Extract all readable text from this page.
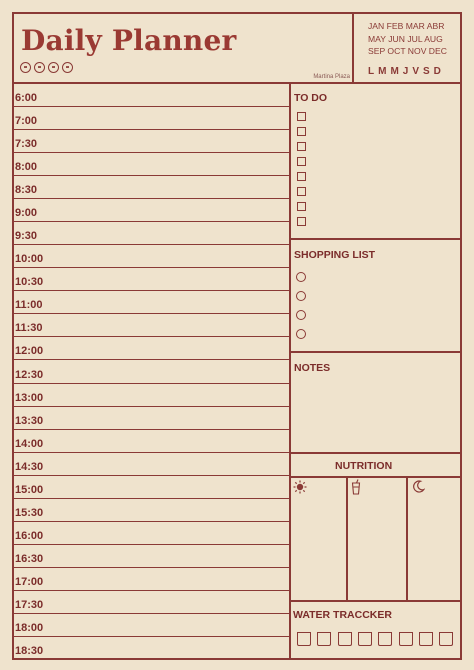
Daily Planner
Martina Plaza
JAN FEB MAR ABR
MAY JUN JUL AUG
SEP OCT NOV DEC
LMMJVSD
6:00
7:00
7:30
8:00
8:30
9:00
9:30
10:00
10:30
11:00
11:30
12:00
12:30
13:00
13:30
14:00
14:30
15:00
15:30
16:00
16:30
17:00
17:30
18:00
18:30
TO DO
SHOPPING LIST
NOTES
NUTRITION
WATER TRACCKER
